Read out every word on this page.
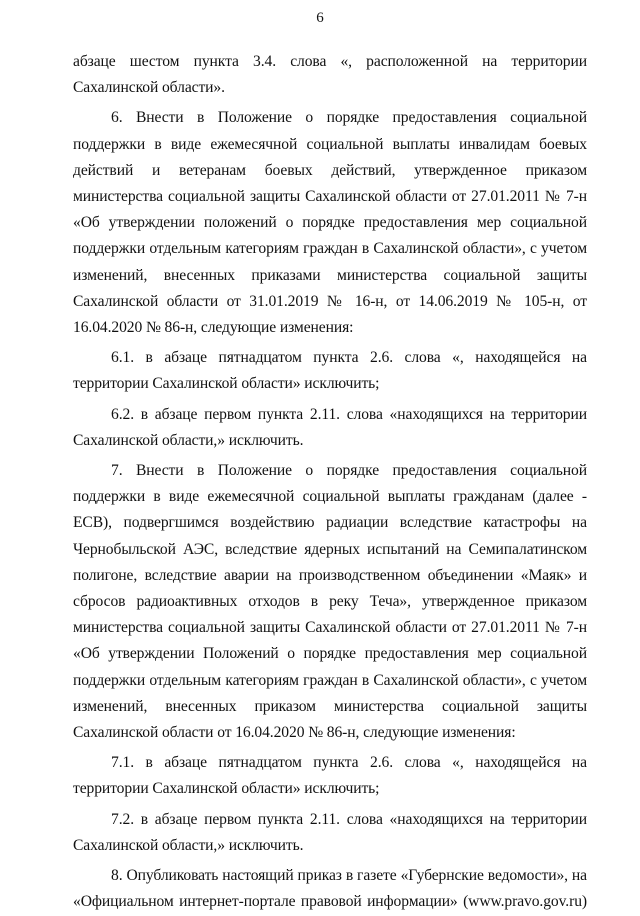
6

абзаце шестом пункта 3.4. слова «, расположенной на территории Сахалинской области».

6. Внести в Положение о порядке предоставления социальной поддержки в виде ежемесячной социальной выплаты инвалидам боевых действий и ветеранам боевых действий, утвержденное приказом министерства социальной защиты Сахалинской области от 27.01.2011 № 7-н «Об утверждении положений о порядке предоставления мер социальной поддержки отдельным категориям граждан в Сахалинской области», с учетом изменений, внесенных приказами министерства социальной защиты Сахалинской области от 31.01.2019 № 16-н, от 14.06.2019 № 105-н, от 16.04.2020 № 86-н, следующие изменения:

6.1. в абзаце пятнадцатом пункта 2.6. слова «, находящейся на территории Сахалинской области» исключить;

6.2. в абзаце первом пункта 2.11. слова «находящихся на территории Сахалинской области,» исключить.

7. Внести в Положение о порядке предоставления социальной поддержки в виде ежемесячной социальной выплаты гражданам (далее - ЕСВ), подвергшимся воздействию радиации вследствие катастрофы на Чернобыльской АЭС, вследствие ядерных испытаний на Семипалатинском полигоне, вследствие аварии на производственном объединении «Маяк» и сбросов радиоактивных отходов в реку Теча», утвержденное приказом министерства социальной защиты Сахалинской области от 27.01.2011 № 7-н «Об утверждении Положений о порядке предоставления мер социальной поддержки отдельным категориям граждан в Сахалинской области», с учетом изменений, внесенных приказом министерства социальной защиты Сахалинской области от 16.04.2020 № 86-н, следующие изменения:

7.1. в абзаце пятнадцатом пункта 2.6. слова «, находящейся на территории Сахалинской области» исключить;

7.2. в абзаце первом пункта 2.11. слова «находящихся на территории Сахалинской области,» исключить.

8. Опубликовать настоящий приказ в газете «Губернские ведомости», на «Официальном интернет-портале правовой информации» (www.pravo.gov.ru)
